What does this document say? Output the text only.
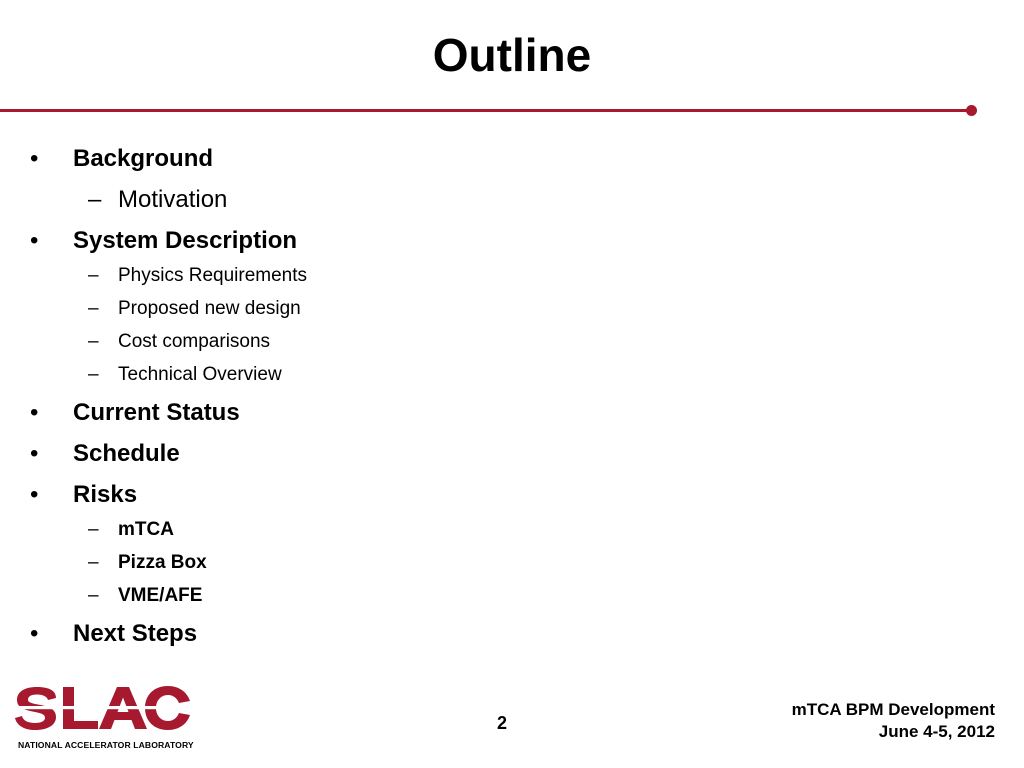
Outline
• Background
– Motivation
• System Description
– Physics Requirements
– Proposed new design
– Cost comparisons
– Technical Overview
• Current Status
• Schedule
• Risks
– mTCA
– Pizza Box
– VME/AFE
• Next Steps
NATIONAL ACCELERATOR LABORATORY
2
mTCA BPM Development
June 4-5, 2012
